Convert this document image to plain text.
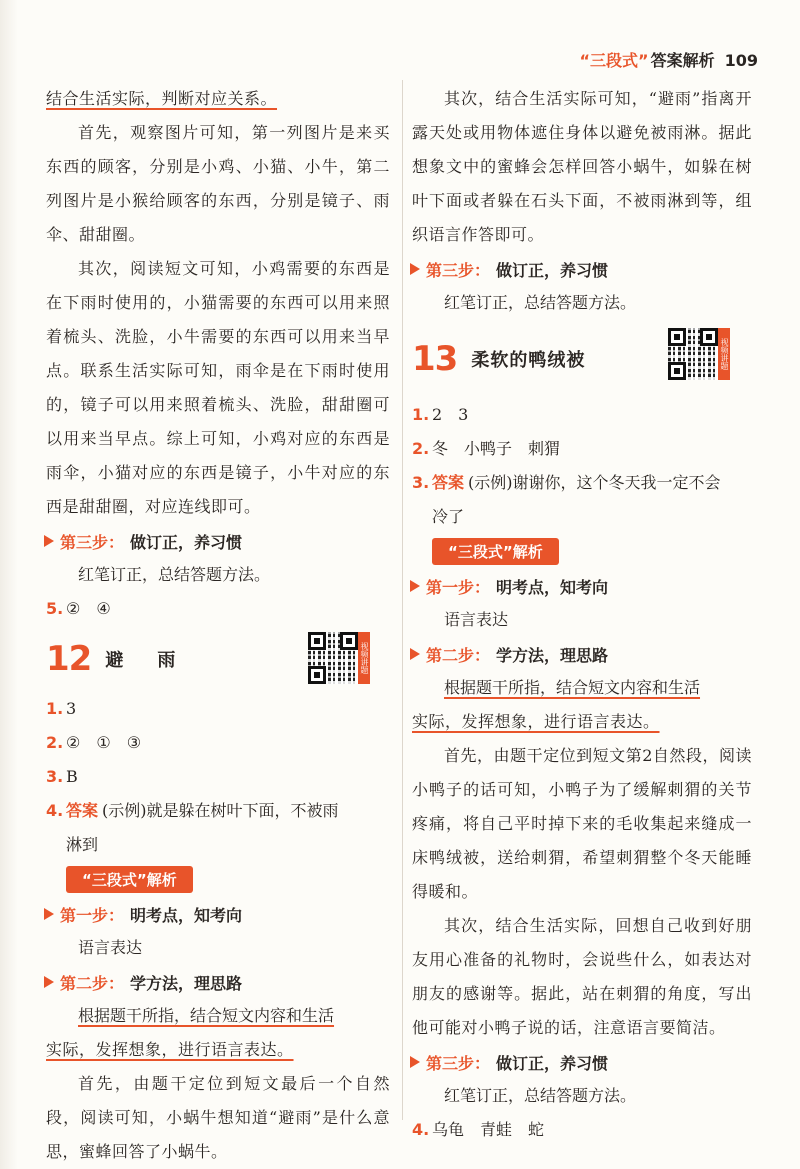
“三段式” 答案解析 109

结合生活实际，判断对应关系。

首先，观察图片可知，第一列图片是来买东西的顾客，分别是小鸡、小猫、小牛，第二列图片是小猴给顾客的东西，分别是镜子、雨伞、甜甜圈。

其次，阅读短文可知，小鸡需要的东西是在下雨时使用的，小猫需要的东西可以用来照着梳头、洗脸，小牛需要的东西可以用来当早点。联系生活实际可知，雨伞是在下雨时使用的，镜子可以用来照着梳头、洗脸，甜甜圈可以用来当早点。综上可知，小鸡对应的东西是雨伞，小猫对应的东西是镜子，小牛对应的东西是甜甜圈，对应连线即可。

第三步： 做订正，养习惯

红笔订正，总结答题方法。

5. ②　④
12 避　雨	视频讲题
1. 3
2. ②　①　③
3. B
4. 答案 (示例)就是躲在树叶下面，不被雨

淋到

“三段式”解析
第一步： 明考点，知考向

语言表达

第二步： 学方法，理思路

根据题干所指，结合短文内容和生活

实际，发挥想象，进行语言表达。

首先，由题干定位到短文最后一个自然段，阅读可知，小蜗牛想知道“避雨”是什么意思，蜜蜂回答了小蜗牛。

其次，结合生活实际可知，“避雨”指离开露天处或用物体遮住身体以避免被雨淋。据此想象文中的蜜蜂会怎样回答小蜗牛，如躲在树叶下面或者躲在石头下面，不被雨淋到等，组织语言作答即可。

第三步： 做订正，养习惯

红笔订正，总结答题方法。

13 柔软的鸭绒被	视频讲题
1. 2　3
2. 冬　小鸭子　刺猬
3. 答案 (示例)谢谢你，这个冬天我一定不会

冷了

“三段式”解析
第一步： 明考点，知考向

语言表达

第二步： 学方法，理思路

根据题干所指，结合短文内容和生活

实际，发挥想象，进行语言表达。

首先，由题干定位到短文第2自然段，阅读小鸭子的话可知，小鸭子为了缓解刺猬的关节疼痛，将自己平时掉下来的毛收集起来缝成一床鸭绒被，送给刺猬，希望刺猬整个冬天能睡得暖和。

其次，结合生活实际，回想自己收到好朋友用心准备的礼物时，会说些什么，如表达对朋友的感谢等。据此，站在刺猬的角度，写出他可能对小鸭子说的话，注意语言要简洁。

第三步： 做订正，养习惯

红笔订正，总结答题方法。

4. 乌龟　青蛙　蛇
